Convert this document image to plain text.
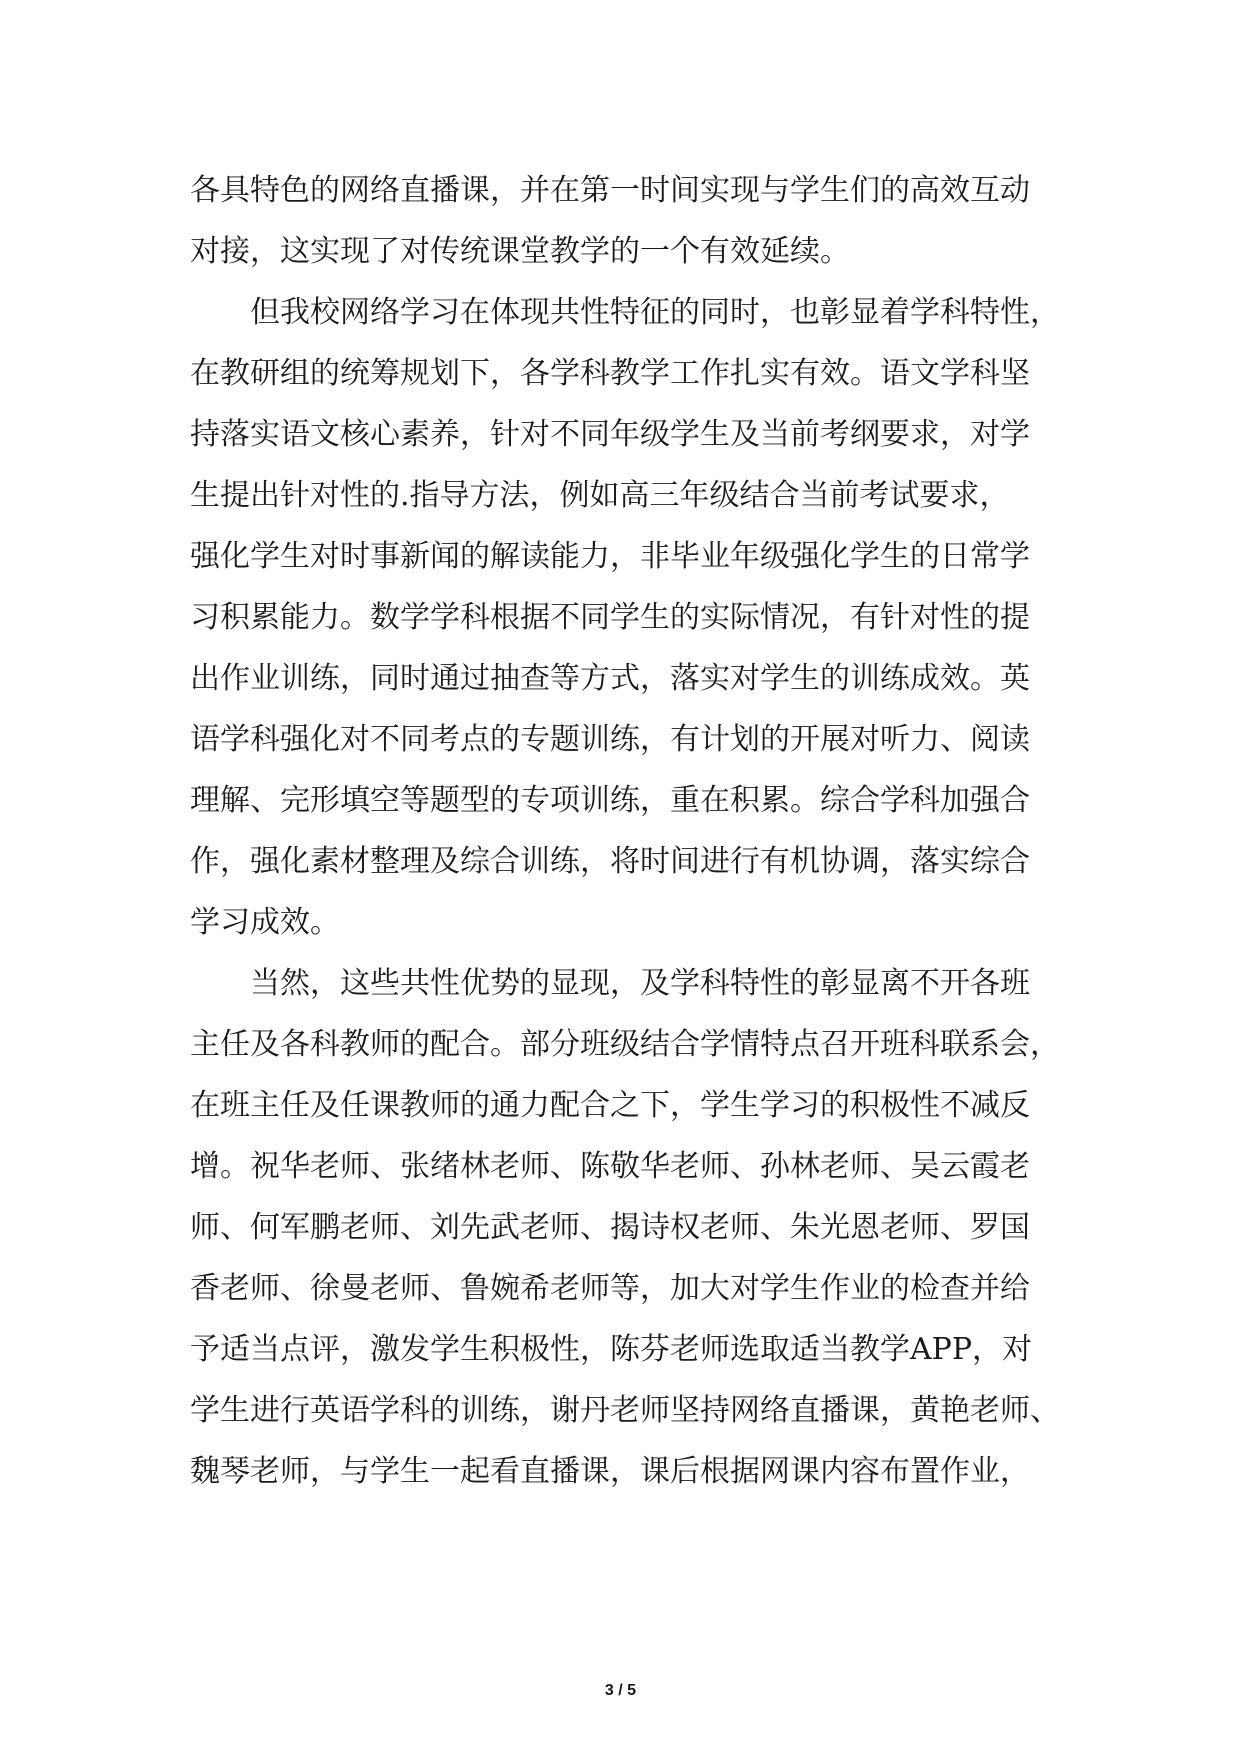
各具特色的网络直播课，并在第一时间实现与学生们的高效互动
对接，这实现了对传统课堂教学的一个有效延续。
但我校网络学习在体现共性特征的同时，也彰显着学科特性，
在教研组的统筹规划下，各学科教学工作扎实有效。语文学科坚
持落实语文核心素养，针对不同年级学生及当前考纲要求，对学
生提出针对性的.指导方法，例如高三年级结合当前考试要求，
强化学生对时事新闻的解读能力，非毕业年级强化学生的日常学
习积累能力。数学学科根据不同学生的实际情况，有针对性的提
出作业训练，同时通过抽查等方式，落实对学生的训练成效。英
语学科强化对不同考点的专题训练，有计划的开展对听力、阅读
理解、完形填空等题型的专项训练，重在积累。综合学科加强合
作，强化素材整理及综合训练，将时间进行有机协调，落实综合
学习成效。
当然，这些共性优势的显现，及学科特性的彰显离不开各班
主任及各科教师的配合。部分班级结合学情特点召开班科联系会，
在班主任及任课教师的通力配合之下，学生学习的积极性不减反
增。祝华老师、张绪林老师、陈敬华老师、孙林老师、吴云霞老
师、何军鹏老师、刘先武老师、揭诗权老师、朱光恩老师、罗国
香老师、徐曼老师、鲁婉希老师等，加大对学生作业的检查并给
予适当点评，激发学生积极性，陈芬老师选取适当教学APP，对
学生进行英语学科的训练，谢丹老师坚持网络直播课，黄艳老师、
魏琴老师，与学生一起看直播课，课后根据网课内容布置作业，
3 / 5
